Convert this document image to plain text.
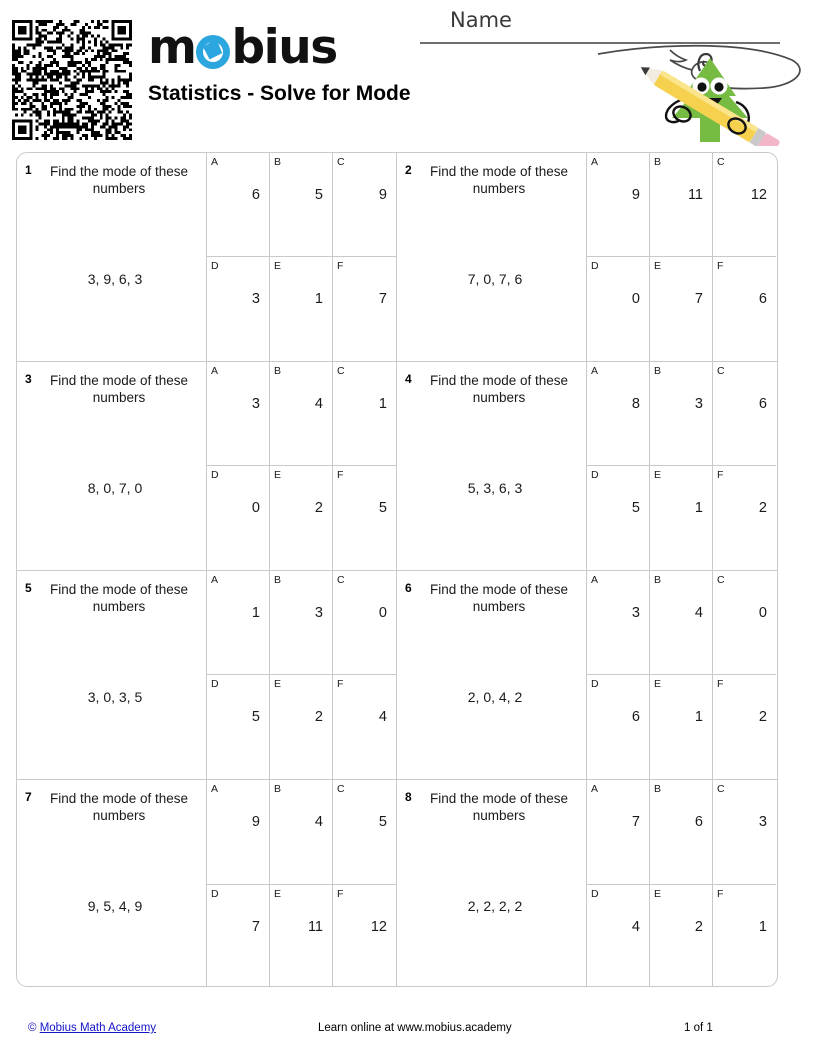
m bius
Statistics - Solve for Mode
Name
1	Find the mode of these numbers
3, 9, 6, 3
A
6
B
5
C
9
D
3
E
1
F
7
2	Find the mode of these numbers
7, 0, 7, 6
A
9
B
11
C
12
D
0
E
7
F
6
3	Find the mode of these numbers
8, 0, 7, 0
A
3
B
4
C
1
D
0
E
2
F
5
4	Find the mode of these numbers
5, 3, 6, 3
A
8
B
3
C
6
D
5
E
1
F
2
5	Find the mode of these numbers
3, 0, 3, 5
A
1
B
3
C
0
D
5
E
2
F
4
6	Find the mode of these numbers
2, 0, 4, 2
A
3
B
4
C
0
D
6
E
1
F
2
7	Find the mode of these numbers
9, 5, 4, 9
A
9
B
4
C
5
D
7
E
11
F
12
8	Find the mode of these numbers
2, 2, 2, 2
A
7
B
6
C
3
D
4
E
2
F
1
© Mobius Math Academy	Learn online at www.mobius.academy	1 of 1
